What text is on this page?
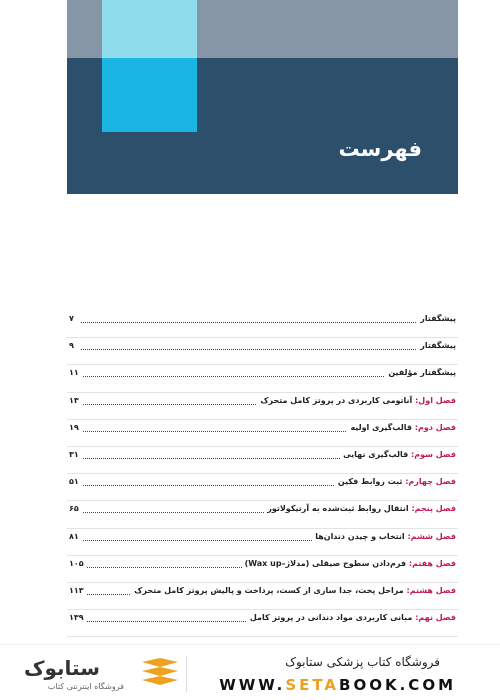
فهرست
پیشگفتار
۷
پیشگفتار
۹
پیشگفتار مؤلفین
۱۱
فصل اول: آناتومی کاربردی در پروتز کامل متحرک
۱۳
فصل دوم: قالب‌گیری اولیه
۱۹
فصل سوم: قالب‌گیری نهایی
۳۱
فصل چهارم: ثبت روابط فکین
۵۱
فصل پنجم: انتقال روابط ثبت‌شده به آرتیکولاتور
۶۵
فصل ششم: انتخاب و چیدن دندان‌ها
۸۱
فصل هفتم: فرم‌دادن سطوح صیقلی (مدلاژ–Wax up)
۱۰۵
فصل هشتم: مراحل پخت، جدا سازی از کست، پرداخت و پالیش پروتز کامل متحرک
۱۱۳
فصل نهم: مبانی کاربردی مواد دندانی در پروتز کامل
۱۳۹
ستابوک
فروشگاه اینترنتی کتاب
فروشگاه کتاب پزشکی ستابوک
WWW.SETABOOK.COM
